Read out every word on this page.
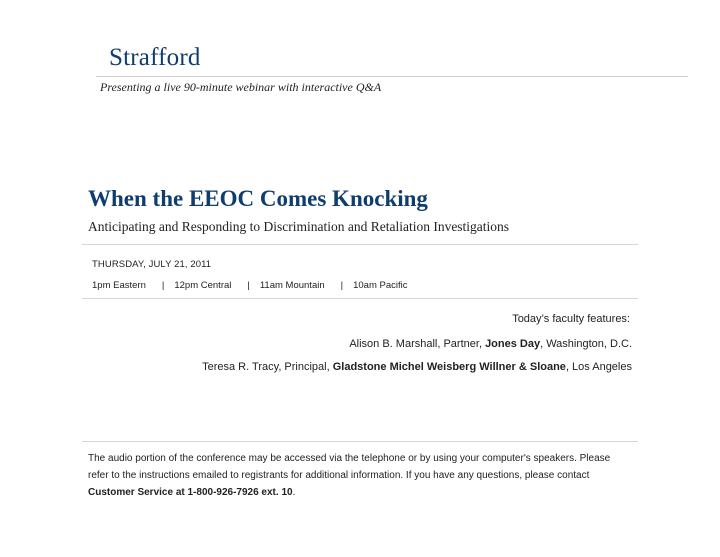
Strafford
Presenting a live 90-minute webinar with interactive Q&A
When the EEOC Comes Knocking
Anticipating and Responding to Discrimination and Retaliation Investigations
THURSDAY, JULY 21, 2011
1pm Eastern | 12pm Central | 11am Mountain | 10am Pacific
Today’s faculty features:
Alison B. Marshall, Partner, Jones Day, Washington, D.C.
Teresa R. Tracy, Principal, Gladstone Michel Weisberg Willner & Sloane, Los Angeles
The audio portion of the conference may be accessed via the telephone or by using your computer's speakers. Please refer to the instructions emailed to registrants for additional information. If you have any questions, please contact Customer Service at 1-800-926-7926 ext. 10.
